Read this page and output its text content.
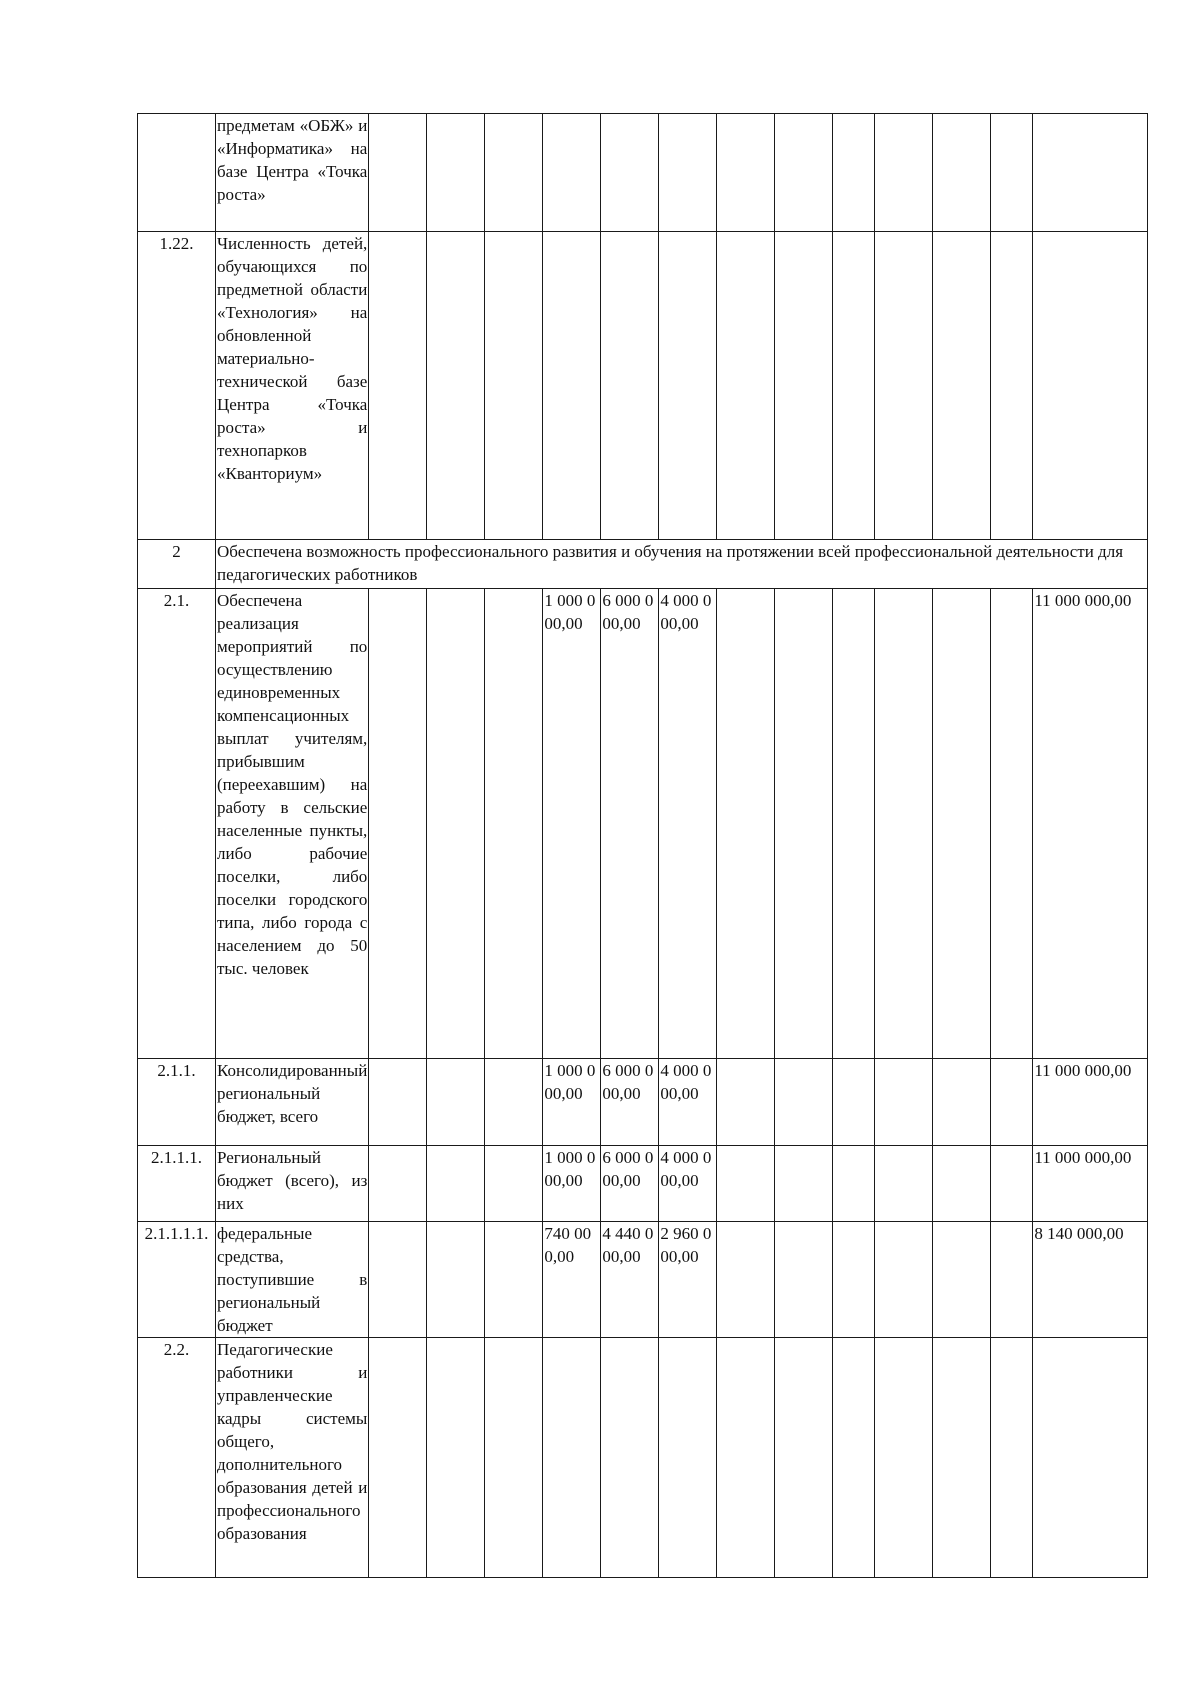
	предметам «ОБЖ» и «Информатика» на базе Центра «Точка роста»													
1.22.	Численность детей, обучающихся по предметной области «Технология» на обновленной материально-технической базе Центра «Точка роста» и технопарков «Кванториум»													
2	Обеспечена возможность профессионального развития и обучения на протяжении всей профессиональной деятельности для педагогических работников													
2.1.	Обеспечена реализация мероприятий по осуществлению единовременных компенсационных выплат учителям, прибывшим (переехавшим) на работу в сельские населенные пункты, либо рабочие поселки, либо поселки городского типа, либо города с населением до 50 тыс. человек				1 000 000,00	6 000 000,00	4 000 000,00							11 000 000,00
2.1.1.	Консолидированный региональный бюджет, всего				1 000 000,00	6 000 000,00	4 000 000,00							11 000 000,00
2.1.1.1.	Региональный бюджет (всего), из них				1 000 000,00	6 000 000,00	4 000 000,00							11 000 000,00
2.1.1.1.1.	федеральные средства, поступившие в региональный бюджет				740 000,00	4 440 000,00	2 960 000,00							8 140 000,00
2.2.	Педагогические работники и управленческие кадры системы общего, дополнительного образования детей и профессионального образования													
